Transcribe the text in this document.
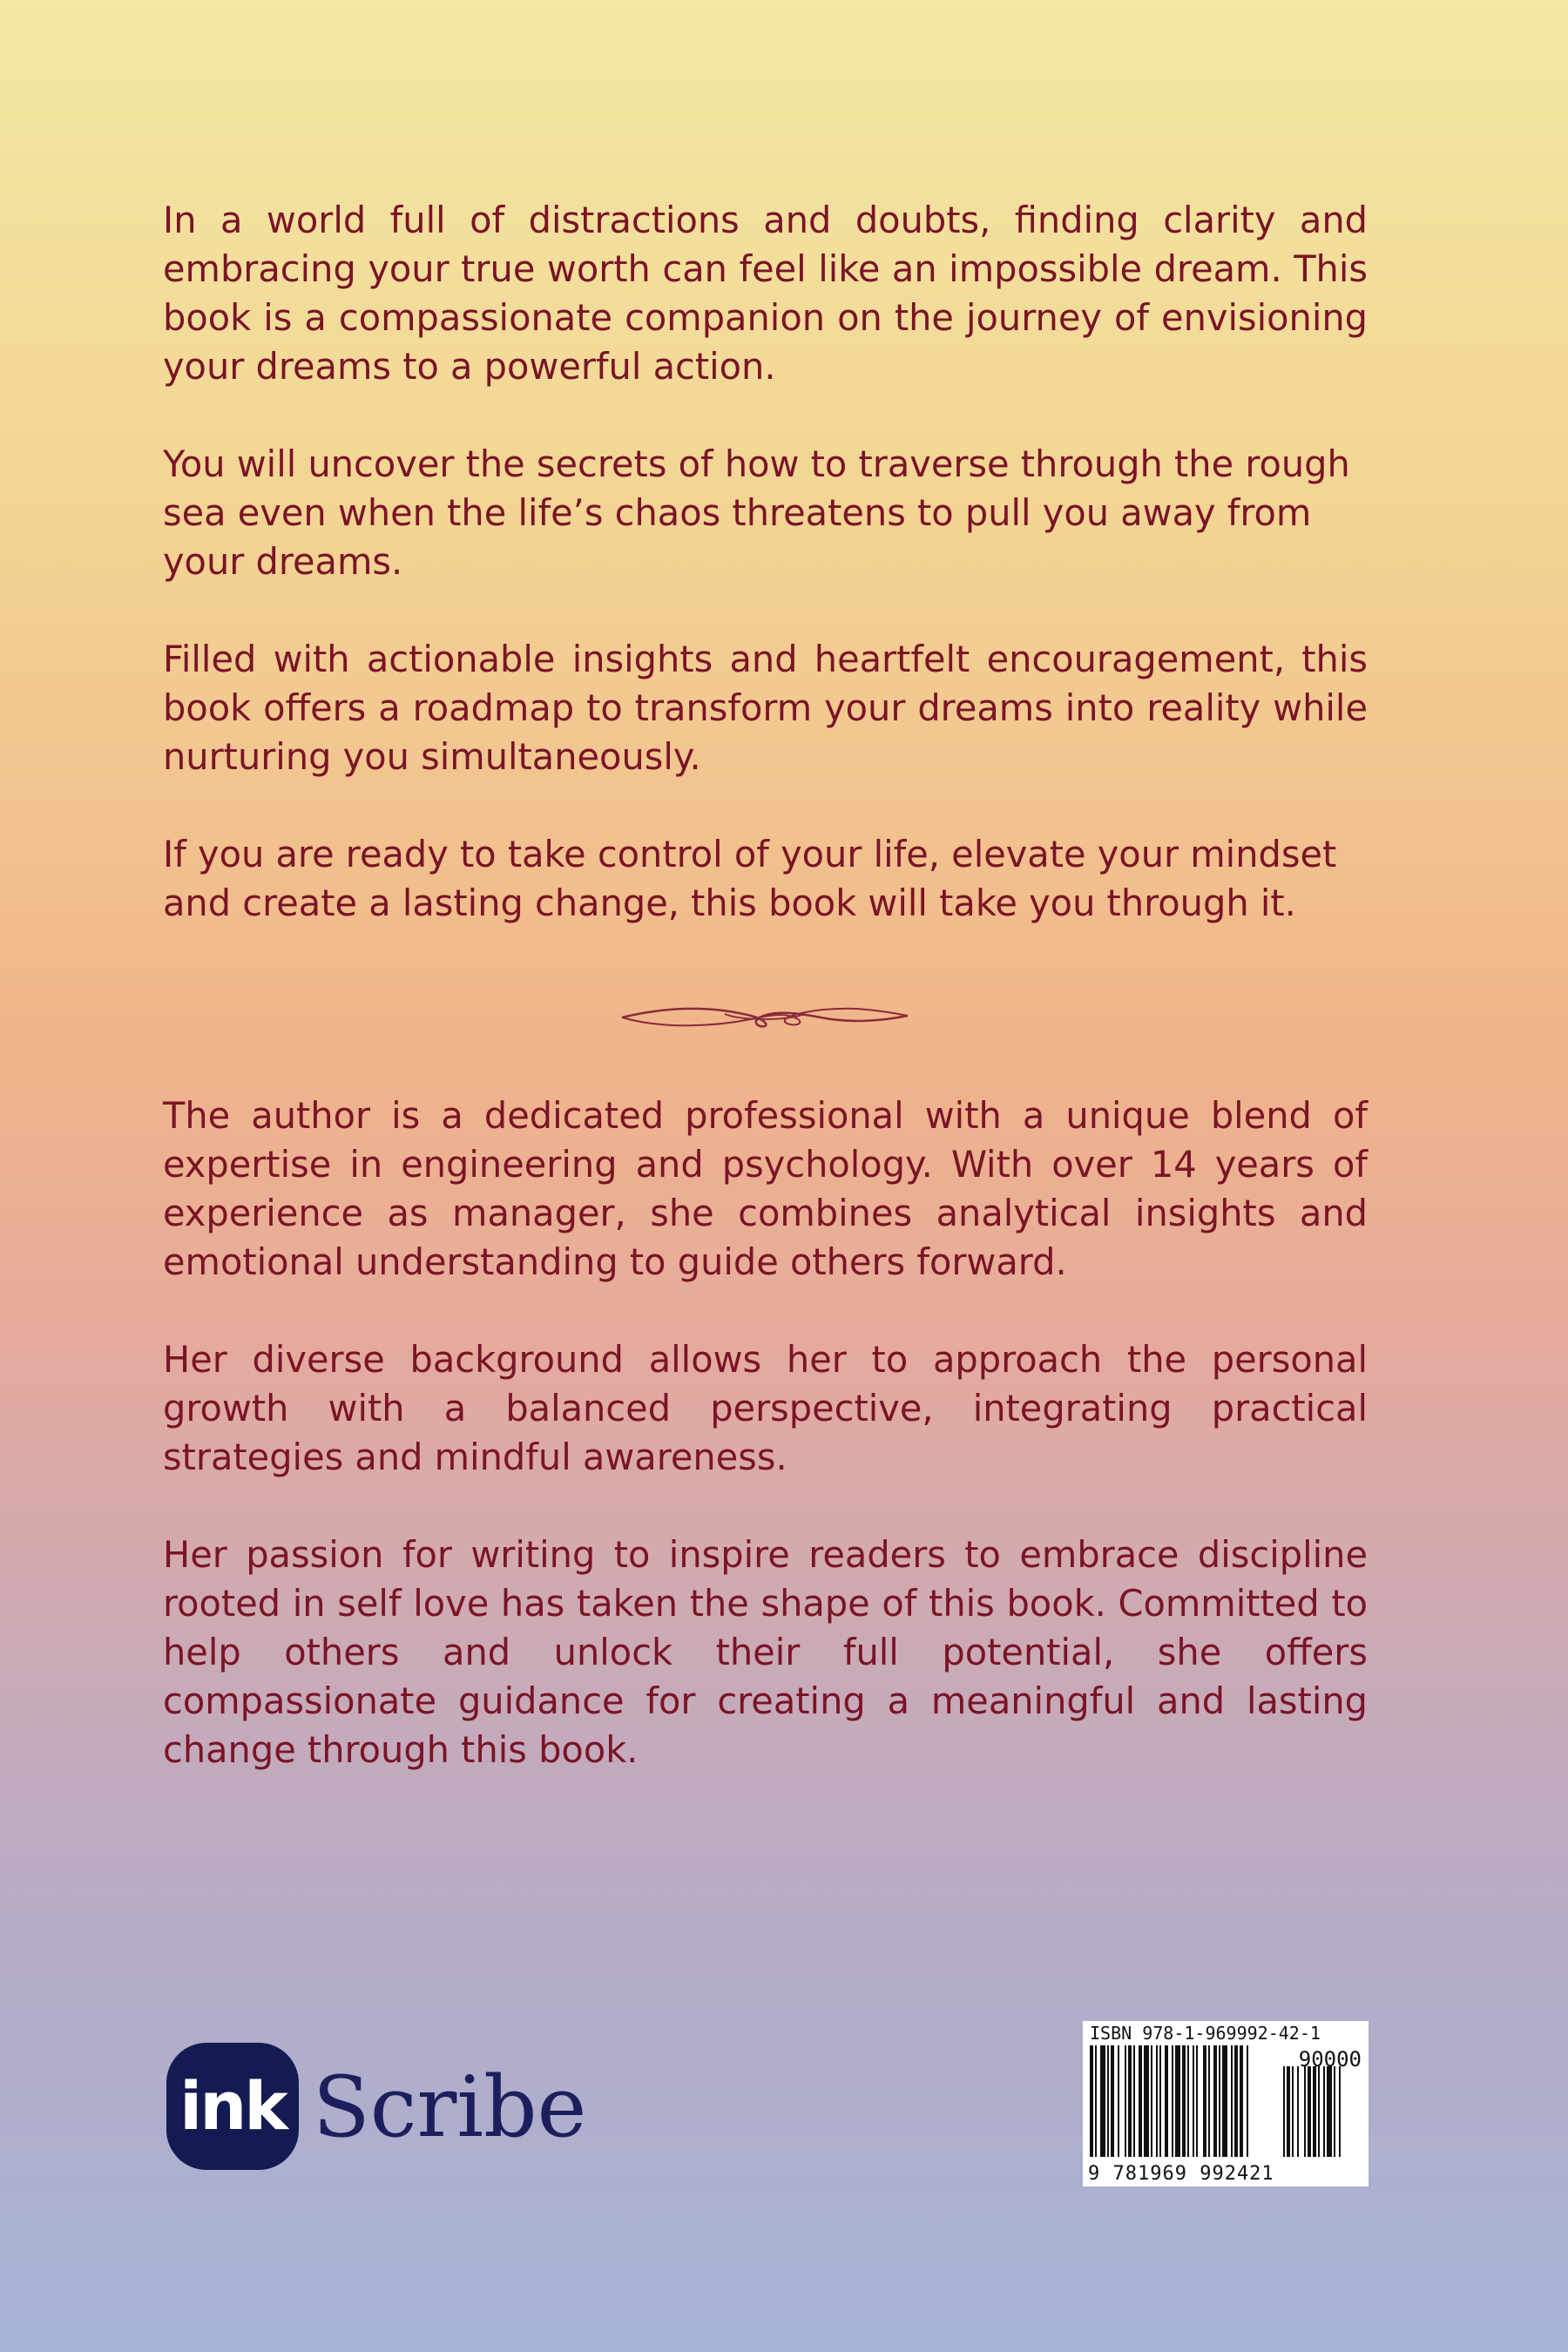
In a world full of distractions and doubts, finding clarity and embracing your true worth can feel like an impossible dream. This book is a compassionate companion on the journey of envisioning your dreams to a powerful action.

You will uncover the secrets of how to traverse through the rough sea even when the life’s chaos threatens to pull you away from your dreams.

Filled with actionable insights and heartfelt encouragement, this book offers a roadmap to transform your dreams into reality while nurturing you simultaneously.

If you are ready to take control of your life, elevate your mindset and create a lasting change, this book will take you through it.

The author is a dedicated professional with a unique blend of expertise in engineering and psychology. With over 14 years of experience as manager, she combines analytical insights and emotional understanding to guide others forward.

Her diverse background allows her to approach the personal growth with a balanced perspective, integrating practical strategies and mindful awareness.

Her passion for writing to inspire readers to embrace discipline rooted in self love has taken the shape of this book. Committed to help others and unlock their full potential, she offers compassionate guidance for creating a meaningful and lasting change through this book.

ink Scribe
ISBN 978-1-969992-42-1
90000
9 781969 992421
